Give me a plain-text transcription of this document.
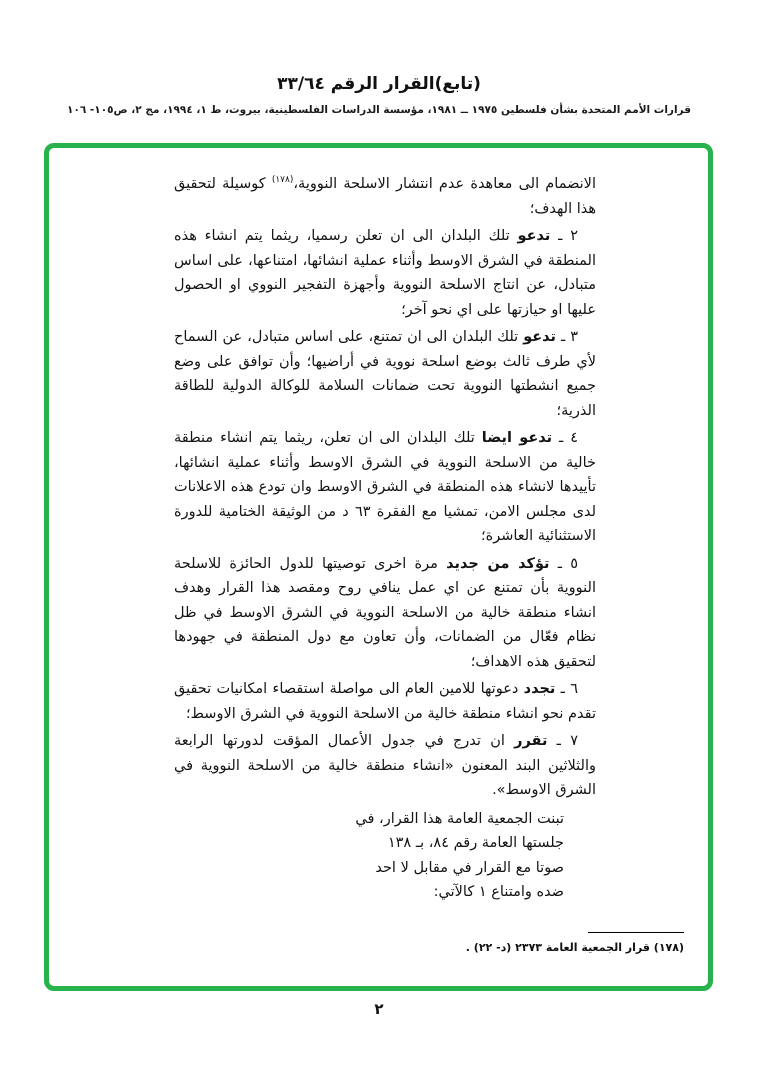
(تابع)القرار الرقم ٣٣/٦٤
قرارات الأمم المتحدة بشأن فلسطين ١٩٧٥ ــ ١٩٨١، مؤسسة الدراسات الفلسطينية، بيروت، ط ١، ١٩٩٤، مج ٢، ص١٠٥- ١٠٦

الانضمام الى معاهدة عدم انتشار الاسلحة النووية،$^{(١٧٨)}$ كوسيلة لتحقيق هذا الهدف؛

٢ ـ تدعو تلك البلدان الى ان تعلن رسميا، ريثما يتم انشاء هذه المنطقة في الشرق الاوسط وأثناء عملية انشائها، امتناعها، على اساس متبادل، عن انتاج الاسلحة النووية وأجهزة التفجير النووي او الحصول عليها او حيازتها على اي نحو آخر؛

٣ ـ تدعو تلك البلدان الى ان تمتنع، على اساس متبادل، عن السماح لأي طرف ثالث بوضع اسلحة نووية في أراضيها؛ وأن توافق على وضع جميع انشطتها النووية تحت ضمانات السلامة للوكالة الدولية للطاقة الذرية؛

٤ ـ تدعو ايضا تلك البلدان الى ان تعلن، ريثما يتم انشاء منطقة خالية من الاسلحة النووية في الشرق الاوسط وأثناء عملية انشائها، تأييدها لانشاء هذه المنطقة في الشرق الاوسط وان تودع هذه الاعلانات لدى مجلس الامن، تمشيا مع الفقرة ٦٣ د من الوثيقة الختامية للدورة الاستثنائية العاشرة؛

٥ ـ تؤكد من جديد مرة اخرى توصيتها للدول الحائزة للاسلحة النووية بأن تمتنع عن اي عمل ينافي روح ومقصد هذا القرار وهدف انشاء منطقة خالية من الاسلحة النووية في الشرق الاوسط في ظل نظام فعّال من الضمانات، وأن تعاون مع دول المنطقة في جهودها لتحقيق هذه الاهداف؛

٦ ـ تجدد دعوتها للامين العام الى مواصلة استقصاء امكانيات تحقيق تقدم نحو انشاء منطقة خالية من الاسلحة النووية في الشرق الاوسط؛

٧ ـ تقرر ان تدرج في جدول الأعمال المؤقت لدورتها الرابعة والثلاثين البند المعنون «انشاء منطقة خالية من الاسلحة النووية في الشرق الاوسط».

تبنت الجمعية العامة هذا القرار، في
جلستها العامة رقم ٨٤، بـ ١٣٨
صوتا مع القرار في مقابل لا احد
ضده وامتناع ١ كالآتي:
(١٧٨) قرار الجمعية العامة ٢٣٧٣ (د- ٢٢) .
٢
